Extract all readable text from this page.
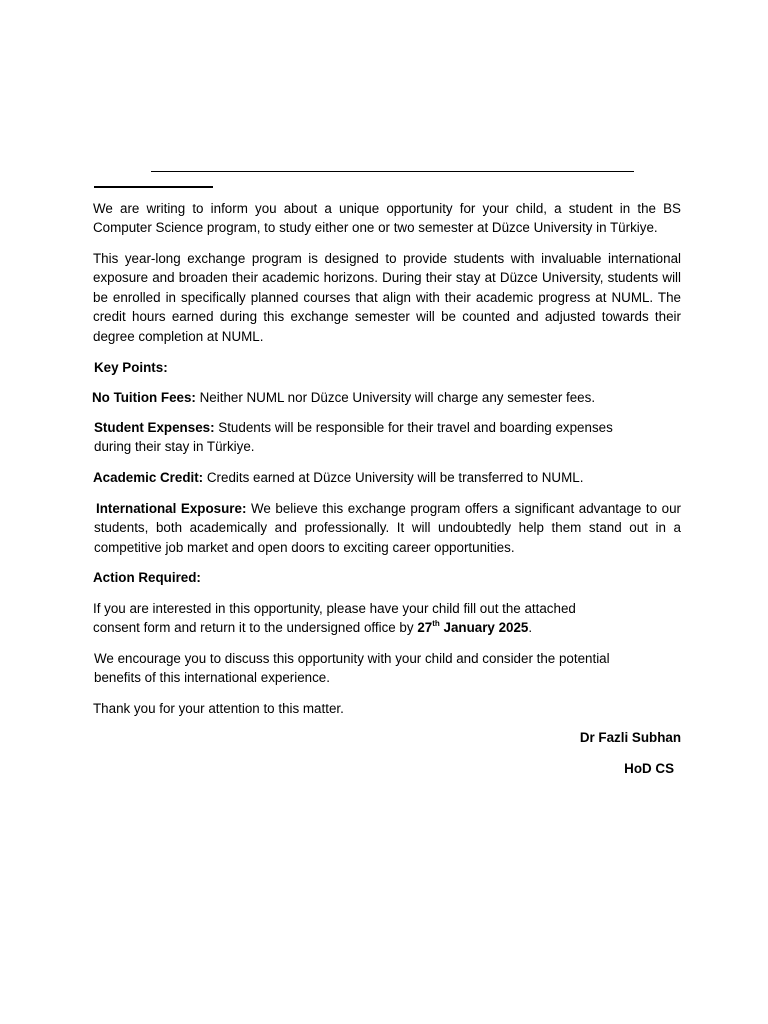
We are writing to inform you about a unique opportunity for your child, a student in the BS Computer Science program, to study either one or two semester at Düzce University in Türkiye.

This year-long exchange program is designed to provide students with invaluable international exposure and broaden their academic horizons. During their stay at Düzce University, students will be enrolled in specifically planned courses that align with their academic progress at NUML. The credit hours earned during this exchange semester will be counted and adjusted towards their degree completion at NUML.

Key Points:

No Tuition Fees: Neither NUML nor Düzce University will charge any semester fees.

Student Expenses: Students will be responsible for their travel and boarding expenses
during their stay in Türkiye.

Academic Credit: Credits earned at Düzce University will be transferred to NUML.

International Exposure: We believe this exchange program offers a significant advantage to our students, both academically and professionally. It will undoubtedly help them stand out in a competitive job market and open doors to exciting career opportunities.

Action Required:

If you are interested in this opportunity, please have your child fill out the attached
consent form and return it to the undersigned office by 27th January 2025.

We encourage you to discuss this opportunity with your child and consider the potential
benefits of this international experience.

Thank you for your attention to this matter.

Dr Fazli Subhan
HoD CS
